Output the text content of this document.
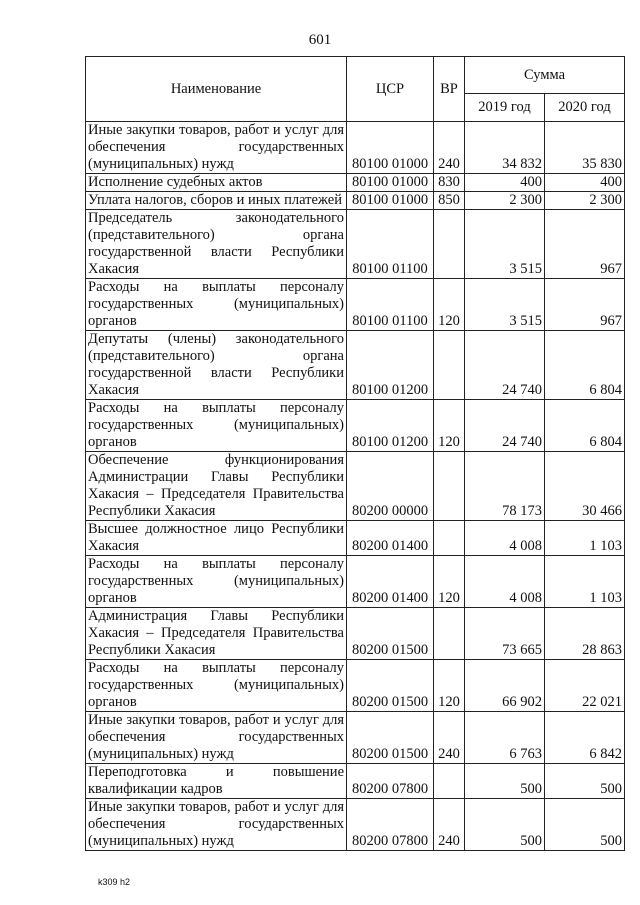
601
Наименование	ЦСР	ВР	Сумма	
			2019 год	2020 год
Иные закупки товаров, работ и услуг для обеспечения государственных (муниципальных) нужд	80100 01000	240	34 832	35 830
Исполнение судебных актов	80100 01000	830	400	400
Уплата налогов, сборов и иных платежей	80100 01000	850	2 300	2 300
Председатель законодательного (представительного) органа государственной власти Республики Хакасия	80100 01100		3 515	967
Расходы на выплаты персоналу государственных (муниципальных) органов	80100 01100	120	3 515	967
Депутаты (члены) законодательного (представительного) органа государственной власти Республики Хакасия	80100 01200		24 740	6 804
Расходы на выплаты персоналу государственных (муниципальных) органов	80100 01200	120	24 740	6 804
Обеспечение функционирования Администрации Главы Республики Хакасия – Председателя Правительства Республики Хакасия	80200 00000		78 173	30 466
Высшее должностное лицо Республики Хакасия	80200 01400		4 008	1 103
Расходы на выплаты персоналу государственных (муниципальных) органов	80200 01400	120	4 008	1 103
Администрация Главы Республики Хакасия – Председателя Правительства Республики Хакасия	80200 01500		73 665	28 863
Расходы на выплаты персоналу государственных (муниципальных) органов	80200 01500	120	66 902	22 021
Иные закупки товаров, работ и услуг для обеспечения государственных (муниципальных) нужд	80200 01500	240	6 763	6 842
Переподготовка и повышение квалификации кадров	80200 07800		500	500
Иные закупки товаров, работ и услуг для обеспечения государственных (муниципальных) нужд	80200 07800	240	500	500
k309 h2
